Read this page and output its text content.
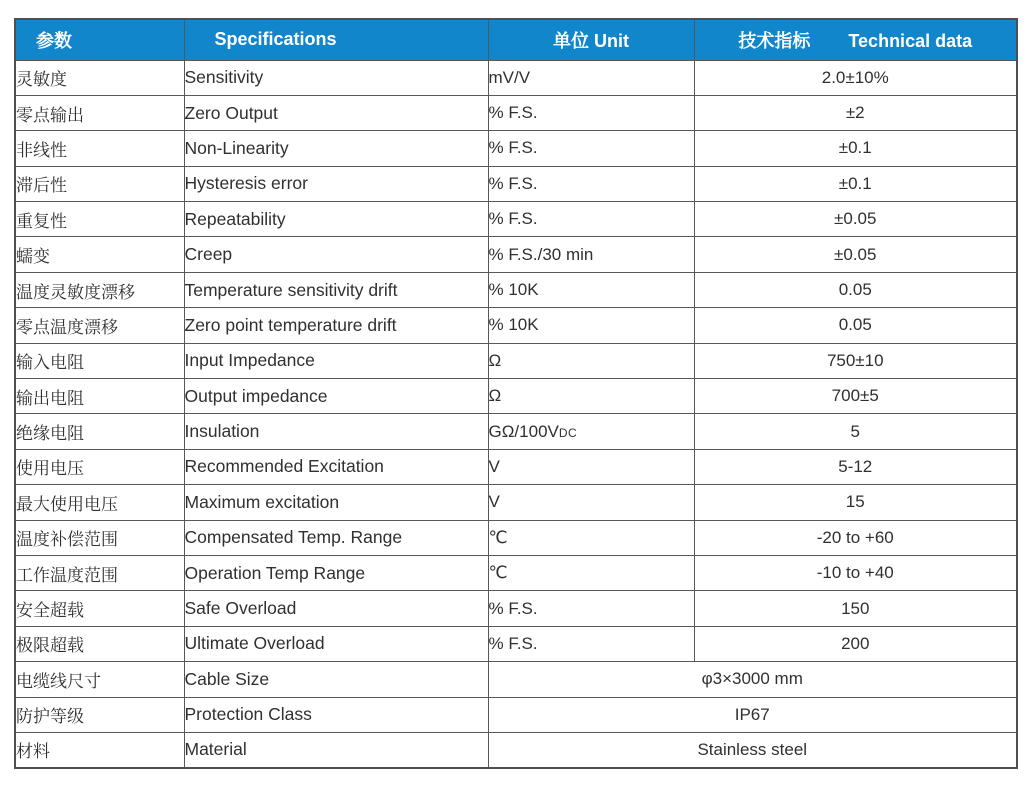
参数	Specifications	单位 Unit	技术指标 Technical data
灵敏度	Sensitivity	mV/V	2.0±10%
零点输出	Zero Output	% F.S.	±2
非线性	Non-Linearity	% F.S.	±0.1
滞后性	Hysteresis error	% F.S.	±0.1
重复性	Repeatability	% F.S.	±0.05
蠕变	Creep	% F.S./30 min	±0.05
温度灵敏度漂移	Temperature sensitivity drift	% 10K	0.05
零点温度漂移	Zero point temperature drift	% 10K	0.05
输入电阻	Input Impedance	Ω	750±10
输出电阻	Output impedance	Ω	700±5
绝缘电阻	Insulation	GΩ/100VDC	5
使用电压	Recommended Excitation	V	5-12
最大使用电压	Maximum excitation	V	15
温度补偿范围	Compensated Temp. Range	℃	-20 to +60
工作温度范围	Operation Temp Range	℃	-10 to +40
安全超载	Safe Overload	% F.S.	150
极限超载	Ultimate Overload	% F.S.	200
电缆线尺寸	Cable Size	φ3×3000 mm	
防护等级	Protection Class	IP67	
材料	Material	Stainless steel	
